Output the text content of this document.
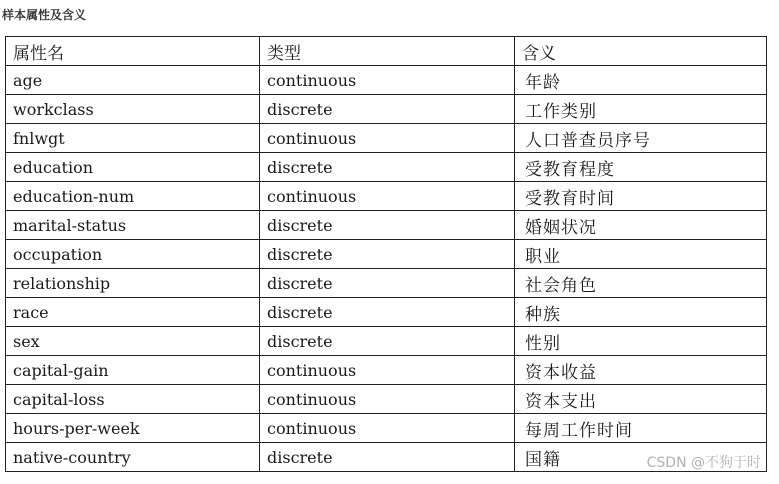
样本属性及含义
属性名	类型	含义
age	continuous	年龄
workclass	discrete	工作类别
fnlwgt	continuous	人口普查员序号
education	discrete	受教育程度
education-num	continuous	受教育时间
marital-status	discrete	婚姻状况
occupation	discrete	职业
relationship	discrete	社会角色
race	discrete	种族
sex	discrete	性别
capital-gain	continuous	资本收益
capital-loss	continuous	资本支出
hours-per-week	continuous	每周工作时间
native-country	discrete	国籍	CSDN @不狗于时
